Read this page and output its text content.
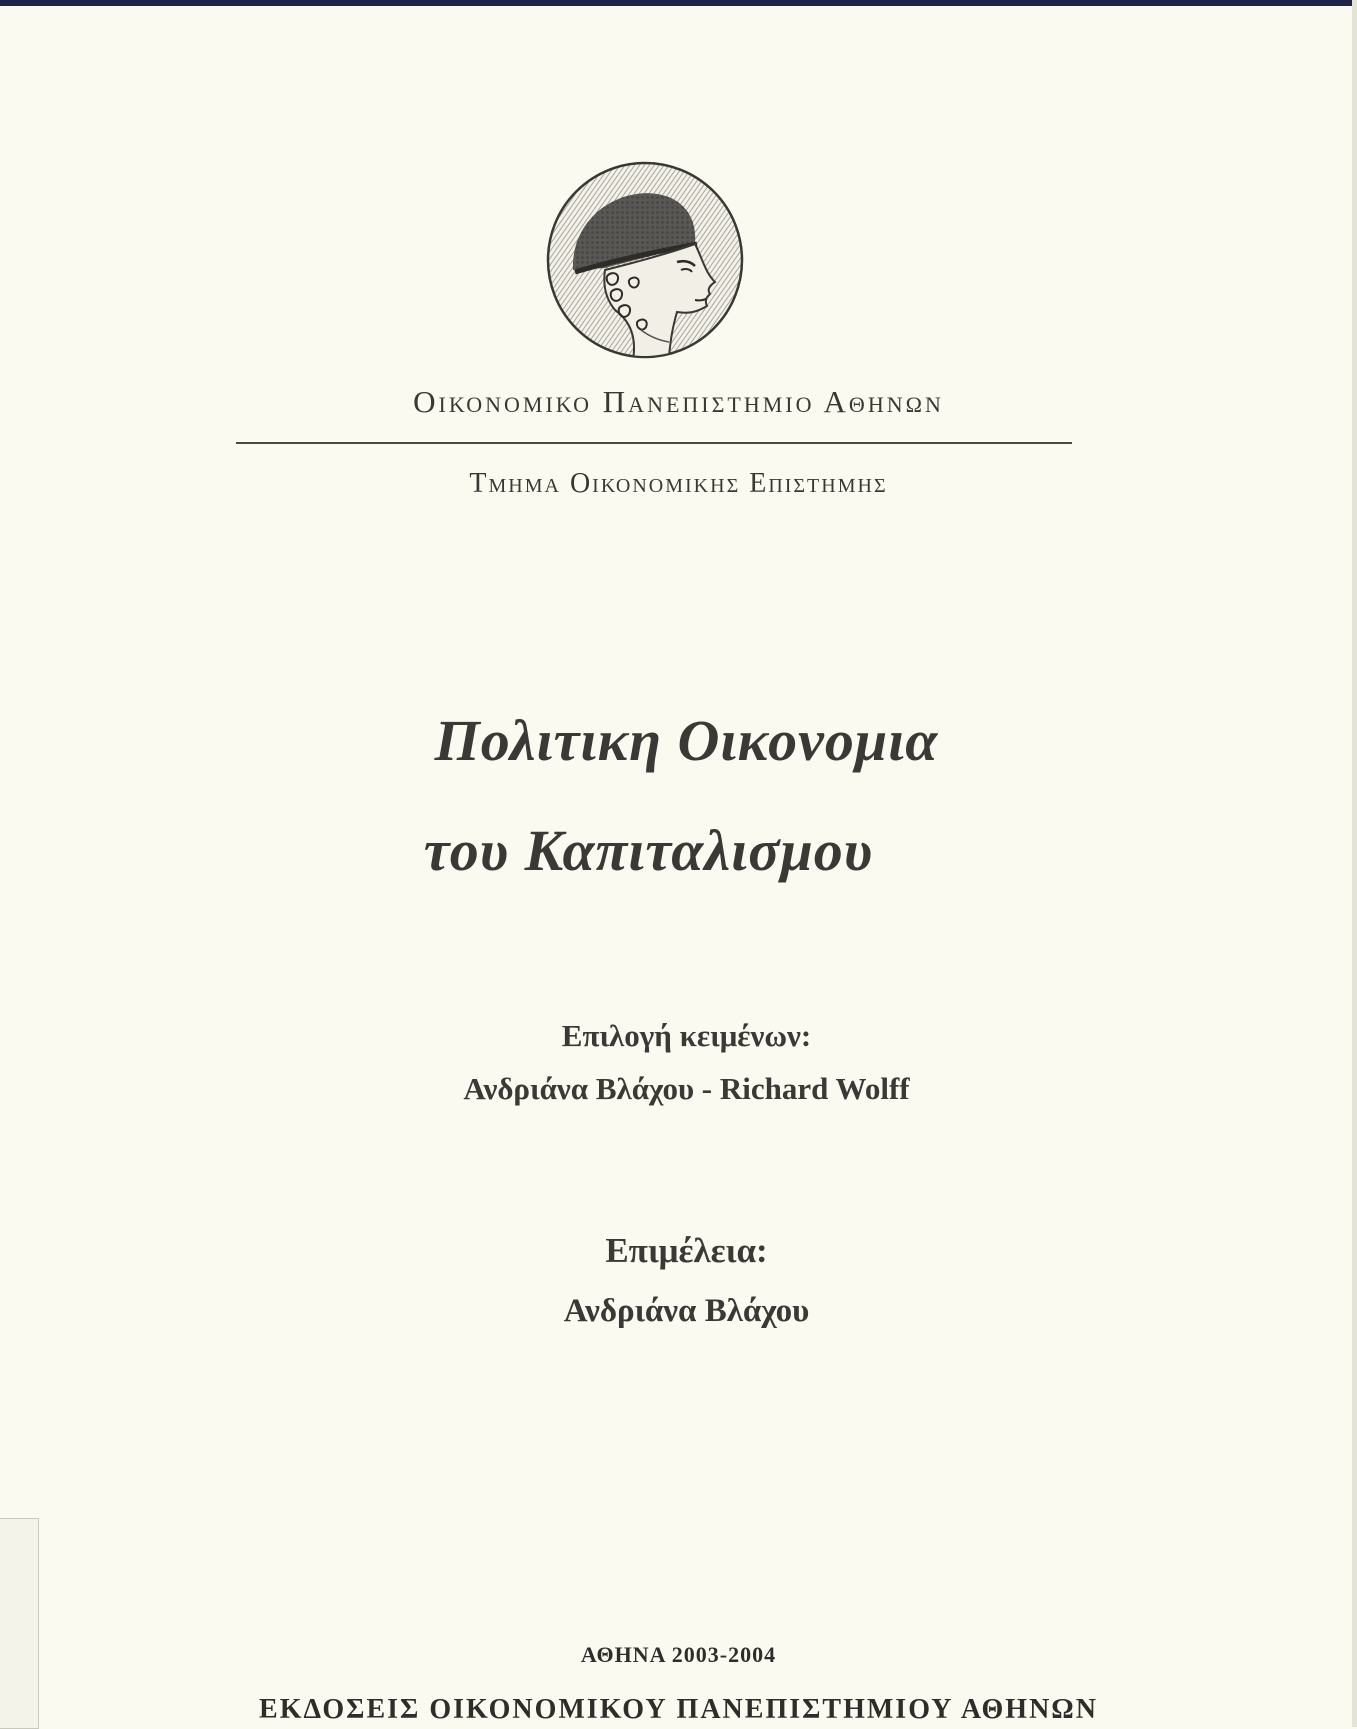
Οικονομικο Πανεπιστημιο Αθηνων
Τμημα Οικονομικης Επιστημης
Πολιτικη Οικονομια
του Καπιταλισμου
Επιλογή κειμένων:
Ανδριάνα Βλάχου - Richard Wolff
Επιμέλεια:
Ανδριάνα Βλάχου
ΑΘΗΝΑ 2003-2004
ΕΚΔΟΣΕΙΣ ΟΙΚΟΝΟΜΙΚΟΥ ΠΑΝΕΠΙΣΤΗΜΙΟΥ ΑΘΗΝΩΝ
